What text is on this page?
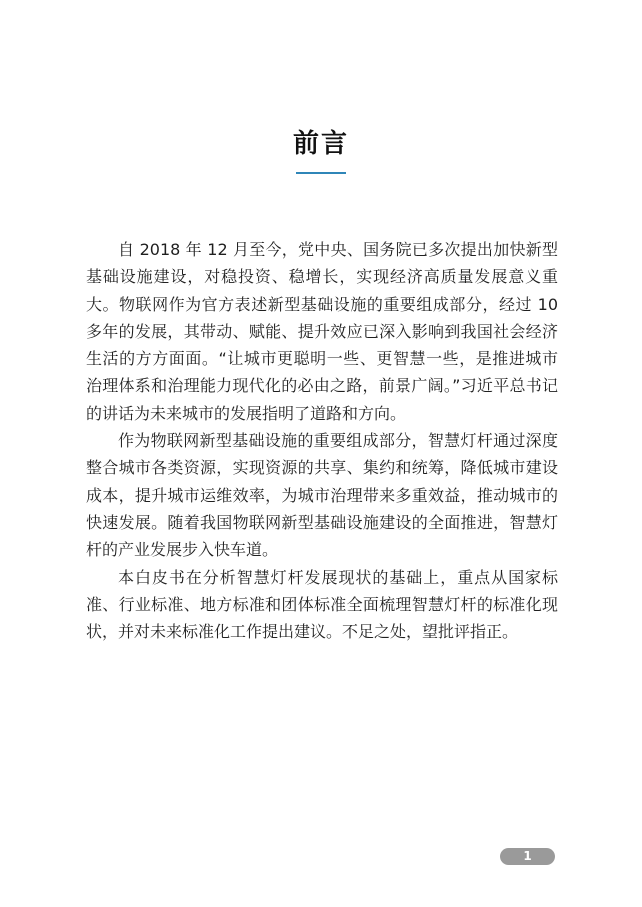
前言

自 2018 年 12 月至今，党中央、国务院已多次提出加快新型基础设施建设，对稳投资、稳增长，实现经济高质量发展意义重大。物联网作为官方表述新型基础设施的重要组成部分，经过 10 多年的发展，其带动、赋能、提升效应已深入影响到我国社会经济生活的方方面面。“让城市更聪明一些、更智慧一些，是推进城市治理体系和治理能力现代化的必由之路，前景广阔。”习近平总书记的讲话为未来城市的发展指明了道路和方向。

作为物联网新型基础设施的重要组成部分，智慧灯杆通过深度整合城市各类资源，实现资源的共享、集约和统筹，降低城市建设成本，提升城市运维效率，为城市治理带来多重效益，推动城市的快速发展。随着我国物联网新型基础设施建设的全面推进，智慧灯杆的产业发展步入快车道。

本白皮书在分析智慧灯杆发展现状的基础上，重点从国家标准、行业标准、地方标准和团体标准全面梳理智慧灯杆的标准化现状，并对未来标准化工作提出建议。不足之处，望批评指正。

1
